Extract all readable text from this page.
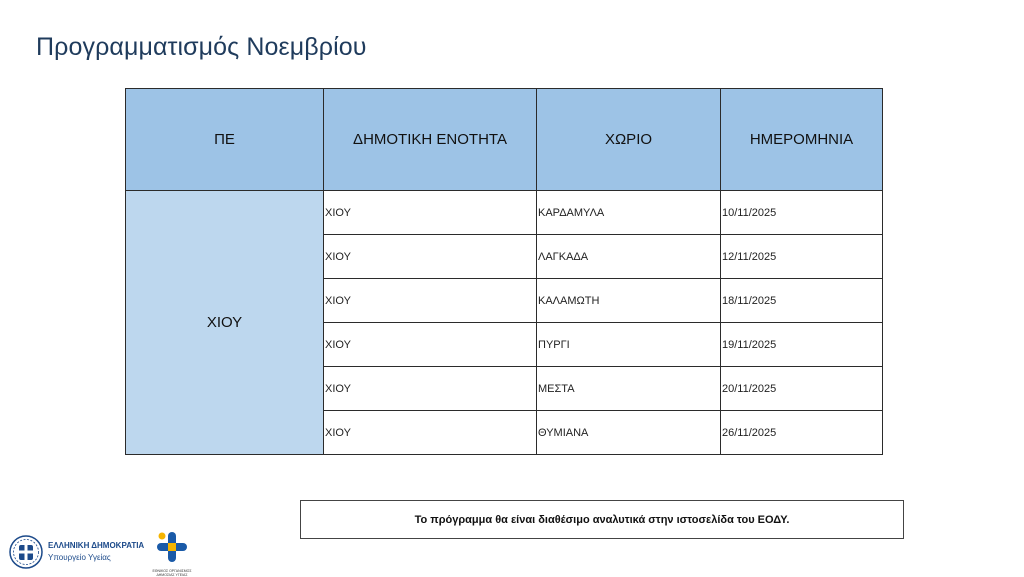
Προγραμματισμός Νοεμβρίου
ΠΕ	ΔΗΜΟΤΙΚΗ ΕΝΟΤΗΤΑ	ΧΩΡΙΟ	ΗΜΕΡΟΜΗΝΙΑ
ΧΙΟΥ	ΧΙΟΥ	ΚΑΡΔΑΜΥΛΑ	10/11/2025
	ΧΙΟΥ	ΛΑΓΚΑΔΑ	12/11/2025
	ΧΙΟΥ	ΚΑΛΑΜΩΤΗ	18/11/2025
	ΧΙΟΥ	ΠΥΡΓΙ	19/11/2025
	ΧΙΟΥ	ΜΕΣΤΑ	20/11/2025
	ΧΙΟΥ	ΘΥΜΙΑΝΑ	26/11/2025
Το πρόγραμμα θα είναι διαθέσιμο αναλυτικά στην ιστοσελίδα του ΕΟΔΥ.
ΕΛΛΗΝΙΚΗ ΔΗΜΟΚΡΑΤΙΑ
Υπουργείο Υγείας
ΕΘΝΙΚΟΣ ΟΡΓΑΝΙΣΜΟΣ ΔΗΜΟΣΙΑΣ ΥΓΕΙΑΣ
